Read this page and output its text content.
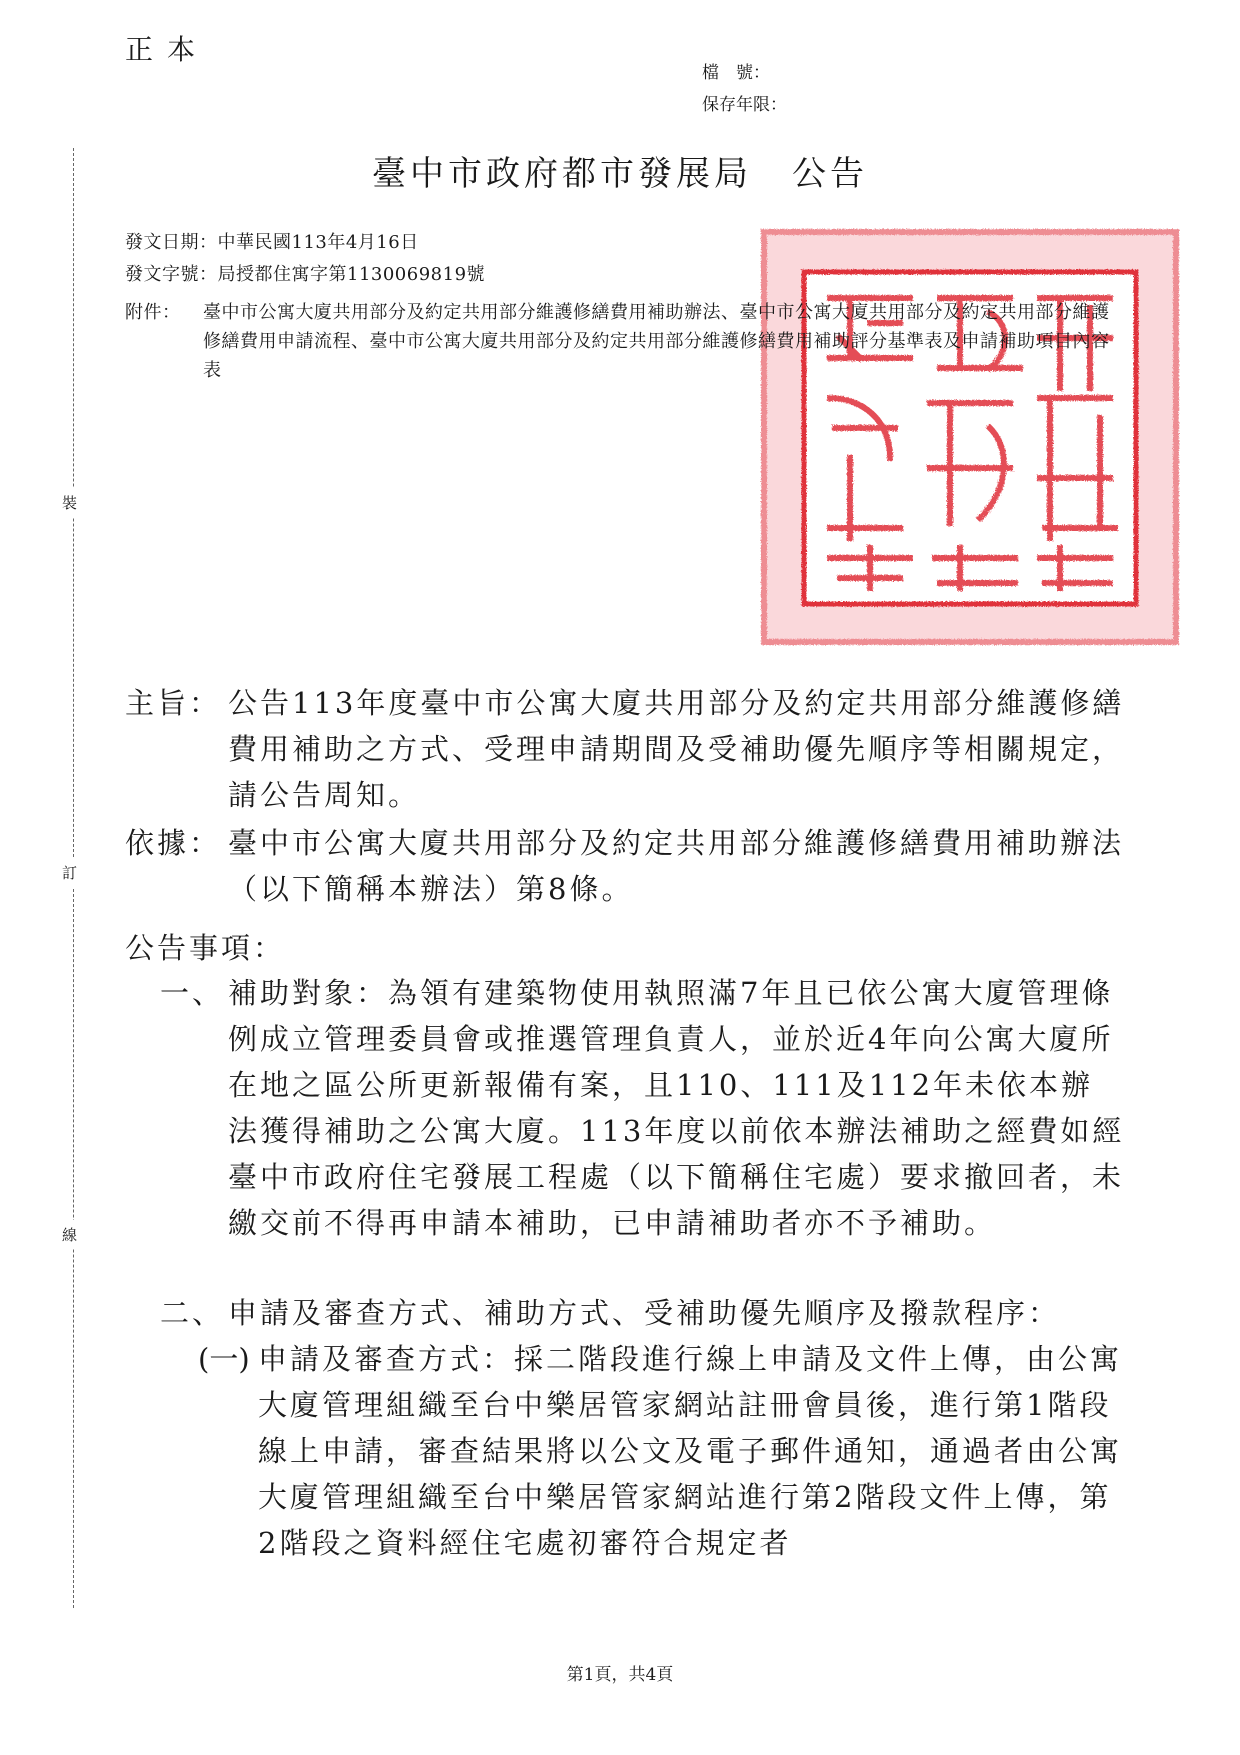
正本
檔　號：
保存年限：
裝
訂
線
臺中市政府都市發展局 公告
發文日期：中華民國113年4月16日
發文字號：局授都住寓字第1130069819號
附件： 臺中市公寓大廈共用部分及約定共用部分維護修繕費用補助辦法、臺中市公寓大廈共用部分及約定共用部分維護修繕費用申請流程、臺中市公寓大廈共用部分及約定共用部分維護修繕費用補助評分基準表及申請補助項目內容表
主旨： 公告113年度臺中市公寓大廈共用部分及約定共用部分維護修繕費用補助之方式、受理申請期間及受補助優先順序等相關規定，請公告周知。
依據： 臺中市公寓大廈共用部分及約定共用部分維護修繕費用補助辦法（以下簡稱本辦法）第8條。
公告事項：
一、 補助對象：為領有建築物使用執照滿7年且已依公寓大廈管理條例成立管理委員會或推選管理負責人，並於近4年向公寓大廈所在地之區公所更新報備有案，且110、111及112年未依本辦法獲得補助之公寓大廈。113年度以前依本辦法補助之經費如經臺中市政府住宅發展工程處（以下簡稱住宅處）要求撤回者，未繳交前不得再申請本補助，已申請補助者亦不予補助。
二、 申請及審查方式、補助方式、受補助優先順序及撥款程序：
(一) 申請及審查方式：採二階段進行線上申請及文件上傳，由公寓大廈管理組織至台中樂居管家網站註冊會員後，進行第1階段線上申請，審查結果將以公文及電子郵件通知，通過者由公寓大廈管理組織至台中樂居管家網站進行第2階段文件上傳，第2階段之資料經住宅處初審符合規定者
第1頁，共4頁
